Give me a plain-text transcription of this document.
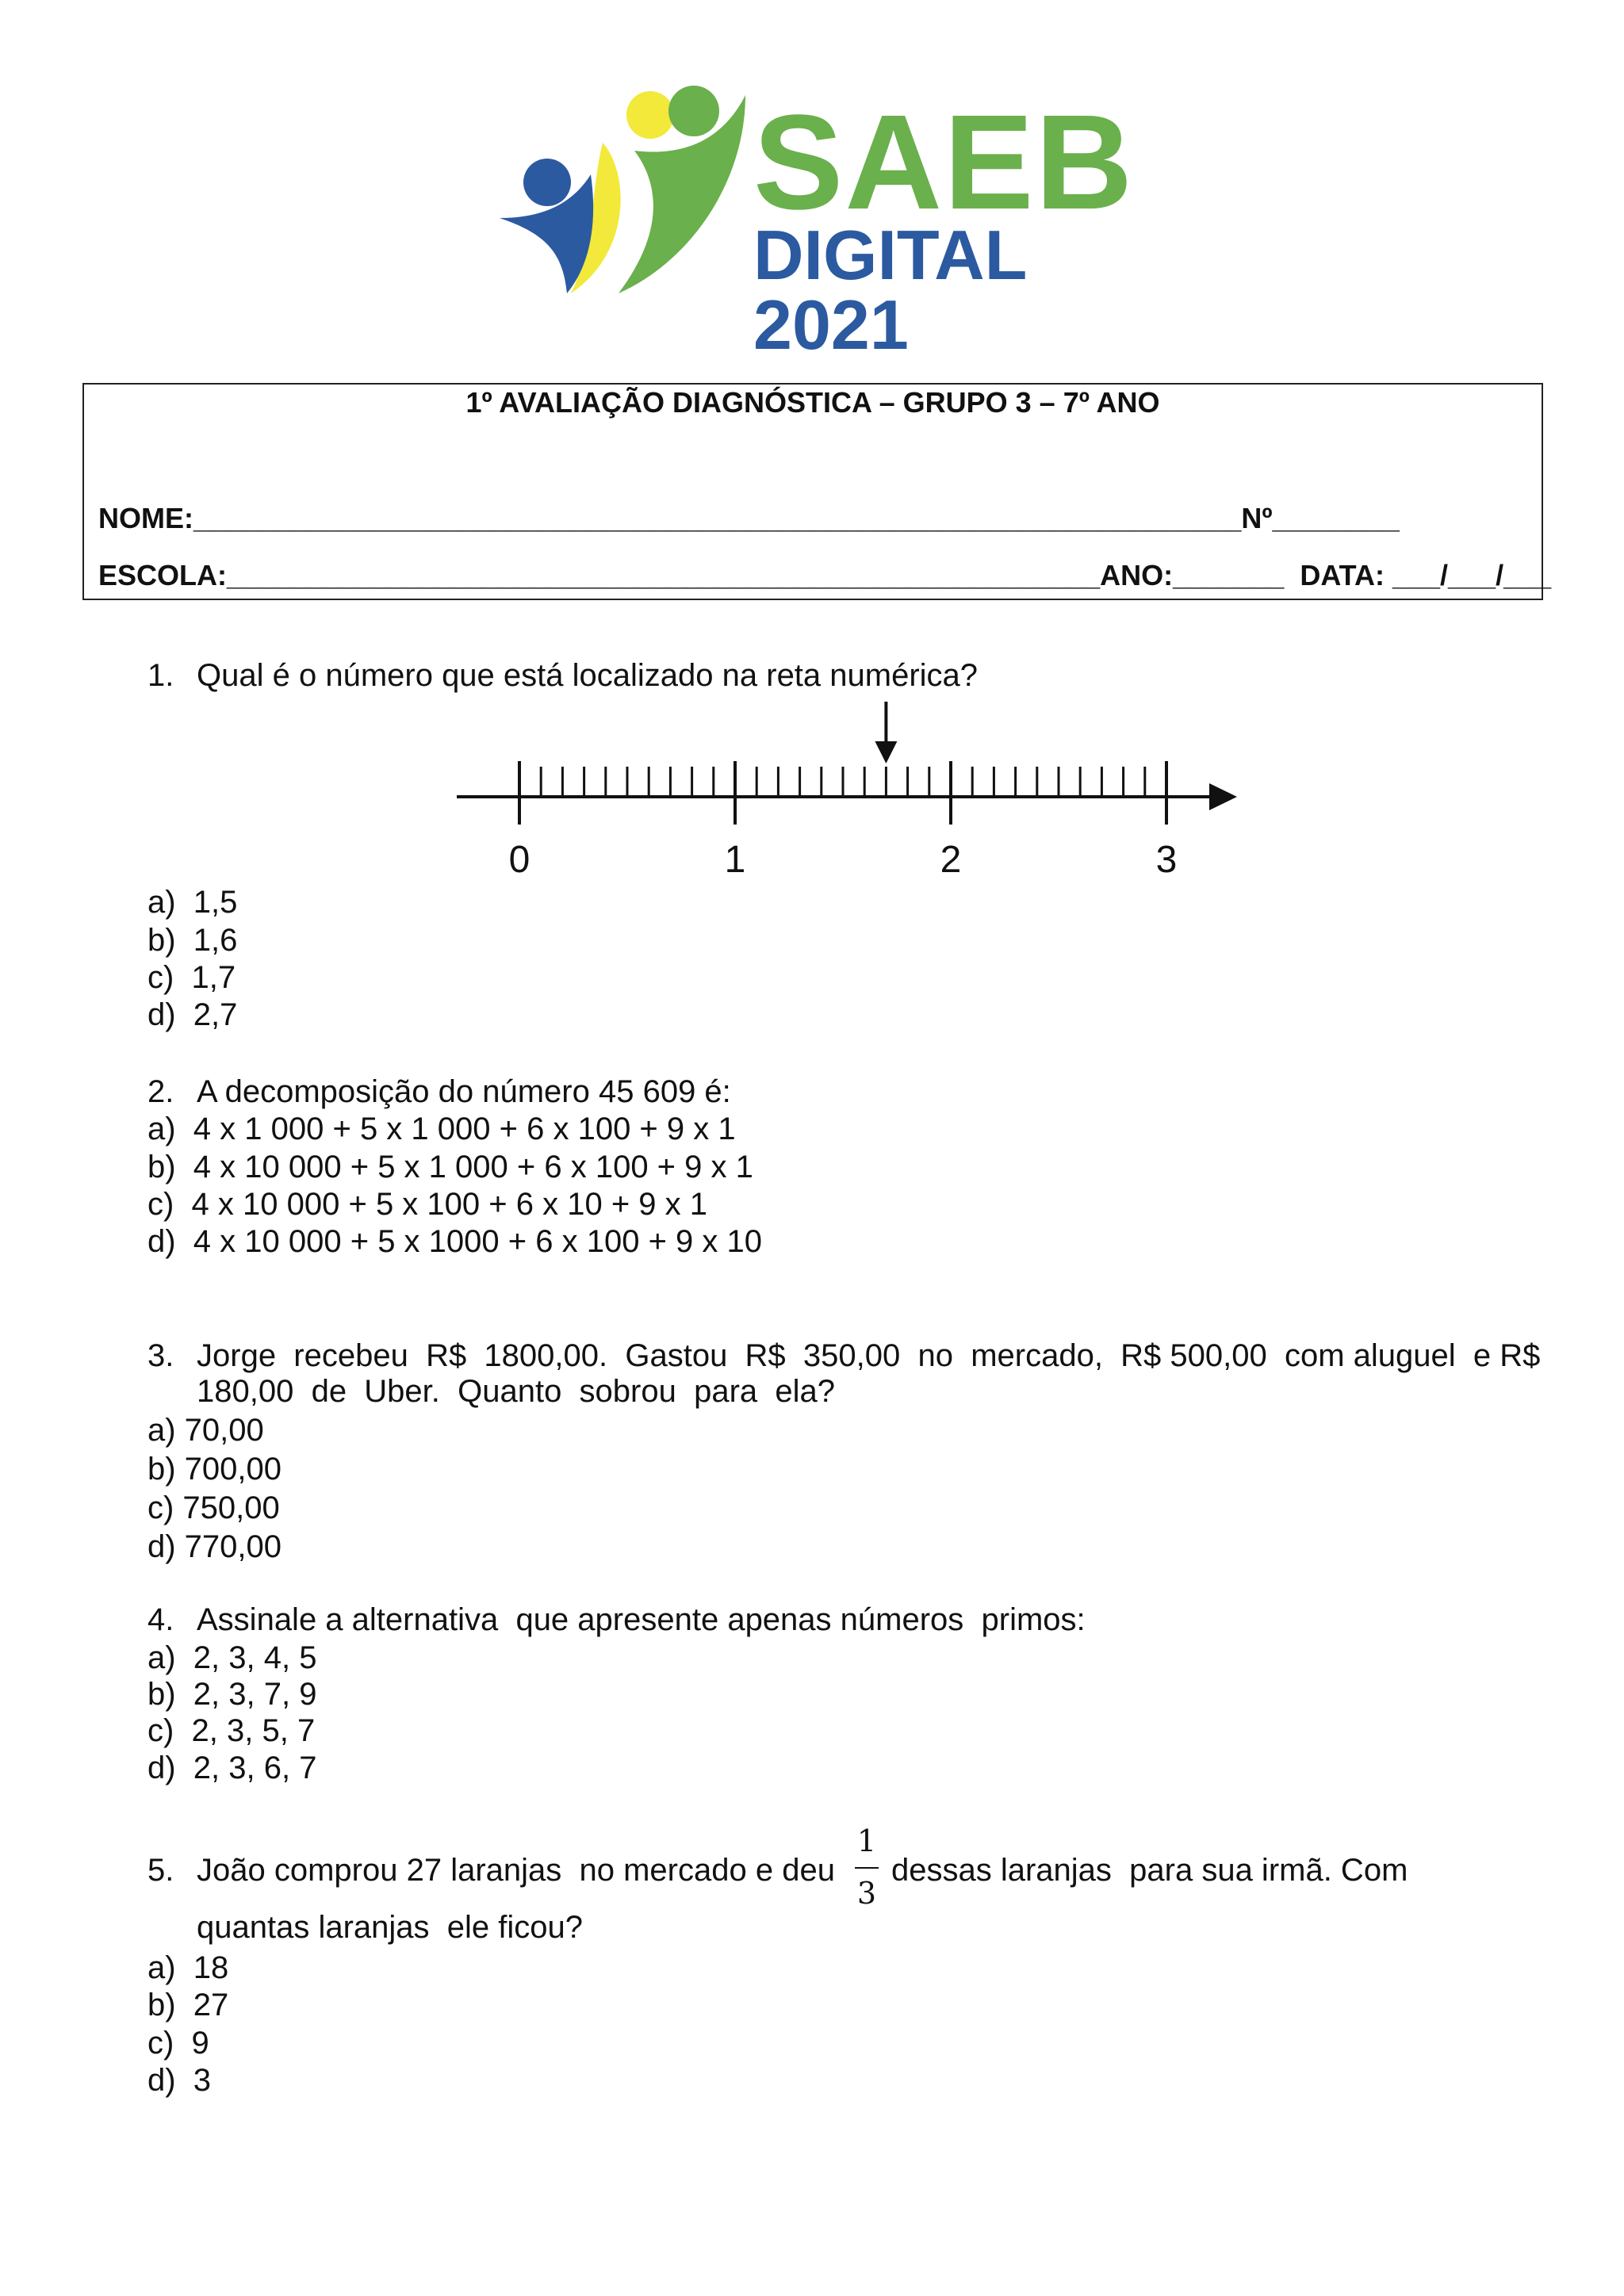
SAEB
DIGITAL 2021
1º AVALIAÇÃO DIAGNÓSTICA – GRUPO 3 – 7º ANO
NOME:__________________________________________________________________Nº________
ESCOLA:_______________________________________________________ANO:_______  DATA: ___/___/___
1. Qual é o número que está localizado na reta numérica?
0	1	2	3
a)  1,5
b)  1,6
c)  1,7
d)  2,7
2. A decomposição do número 45 609 é:
a)  4 x 1 000 + 5 x 1 000 + 6 x 100 + 9 x 1
b)  4 x 10 000 + 5 x 1 000 + 6 x 100 + 9 x 1
c)  4 x 10 000 + 5 x 100 + 6 x 10 + 9 x 1
d)  4 x 10 000 + 5 x 1000 + 6 x 100 + 9 x 10
3. Jorge  recebeu  R$  1800,00.  Gastou  R$  350,00  no  mercado,  R$ 500,00  com aluguel  e R$
180,00  de  Uber.  Quanto  sobrou  para  ela?
a) 70,00
b) 700,00
c) 750,00
d) 770,00
4. Assinale a alternativa  que apresente apenas números  primos:
a)  2, 3, 4, 5
b)  2, 3, 7, 9
c)  2, 3, 5, 7
d)  2, 3, 6, 7
5. João comprou 27 laranjas  no mercado e deu
1
3
dessas laranjas  para sua irmã. Com
quantas laranjas  ele ficou?
a)  18
b)  27
c)  9
d)  3
